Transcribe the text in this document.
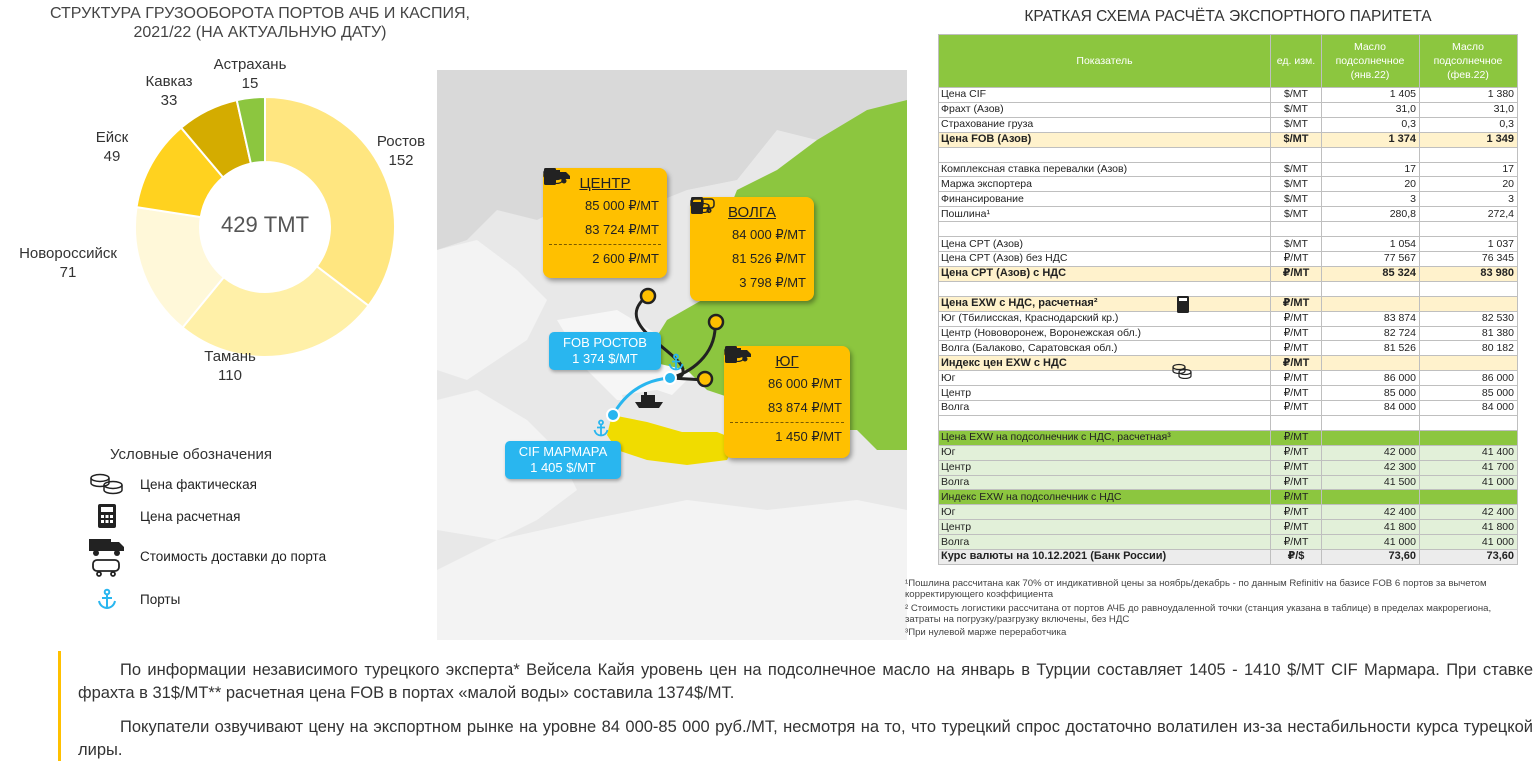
СТРУКТУРА ГРУЗООБОРОТА ПОРТОВ АЧБ И КАСПИЯ,
2021/22 (НА АКТУАЛЬНУЮ ДАТУ)
429 ТМТ
Ростов
152
Тамань
110
Новороссийск
71
Ейск
49
Кавказ
33
Астрахань
15
Условные обозначения
Цена фактическая
Цена расчетная
Стоимость доставки до порта
Порты
ЦЕНТР
85 000 ₽/МТ
83 724 ₽/МТ
2 600 ₽/МТ
ВОЛГА
84 000 ₽/МТ
81 526 ₽/МТ
3 798 ₽/МТ
ЮГ
86 000 ₽/МТ
83 874 ₽/МТ
1 450 ₽/МТ
FOB РОСТОВ
1 374 $/МТ
CIF МАРМАРА
1 405 $/МТ
КРАТКАЯ СХЕМА РАСЧЁТА ЭКСПОРТНОГО ПАРИТЕТА
Показатель	ед. изм.	Масло подсолнечное (янв.22)	Масло подсолнечное (фев.22)
Цена CIF	$/МТ	1 405	1 380
Фрахт (Азов)	$/МТ	31,0	31,0
Страхование груза	$/МТ	0,3	0,3
Цена FOB (Азов)	$/МТ	1 374	1 349

Комплексная ставка перевалки (Азов)	$/МТ	17	17
Маржа экспортера	$/МТ	20	20
Финансирование	$/МТ	3	3
Пошлина¹	$/МТ	280,8	272,4

Цена CPT (Азов)	$/МТ	1 054	1 037
Цена CPT (Азов) без НДС	₽/МТ	77 567	76 345
Цена CPT (Азов) с НДС	₽/МТ	85 324	83 980

Цена EXW с НДС, расчетная²	₽/МТ		
Юг (Тбилисская, Краснодарский кр.)	₽/МТ	83 874	82 530
Центр (Нововоронеж, Воронежская обл.)	₽/МТ	82 724	81 380
Волга (Балаково, Саратовская обл.)	₽/МТ	81 526	80 182
Индекс цен EXW с НДС	₽/МТ		
Юг	₽/МТ	86 000	86 000
Центр	₽/МТ	85 000	85 000
Волга	₽/МТ	84 000	84 000

Цена EXW на подсолнечник с НДС, расчетная³	₽/МТ		
Юг	₽/МТ	42 000	41 400
Центр	₽/МТ	42 300	41 700
Волга	₽/МТ	41 500	41 000
Индекс EXW на подсолнечник с НДС	₽/МТ		
Юг	₽/МТ	42 400	42 400
Центр	₽/МТ	41 800	41 800
Волга	₽/МТ	41 000	41 000
Курс валюты на 10.12.2021 (Банк России)	₽/$	73,60	73,60
¹Пошлина рассчитана как 70% от индикативной цены за ноябрь/декабрь - по данным Refinitiv на базисе FOB 6 портов за вычетом корректирующего коэффициента
² Стоимость логистики рассчитана от портов АЧБ до равноудаленной точки (станция указана в таблице) в пределах макрорегиона, затраты на погрузку/разгрузку включены, без НДС
³При нулевой марже переработчика

По информации независимого турецкого эксперта* Вейсела Кайя уровень цен на подсолнечное масло на январь в Турции составляет 1405 - 1410 $/МТ CIF Мармара. При ставке фрахта в 31$/МТ** расчетная цена FOB в портах «малой воды» составила 1374$/МТ.

Покупатели озвучивают цену на экспортном рынке на уровне 84 000-85 000 руб./МТ, несмотря на то, что турецкий спрос достаточно волатилен из-за нестабильности курса турецкой лиры.
